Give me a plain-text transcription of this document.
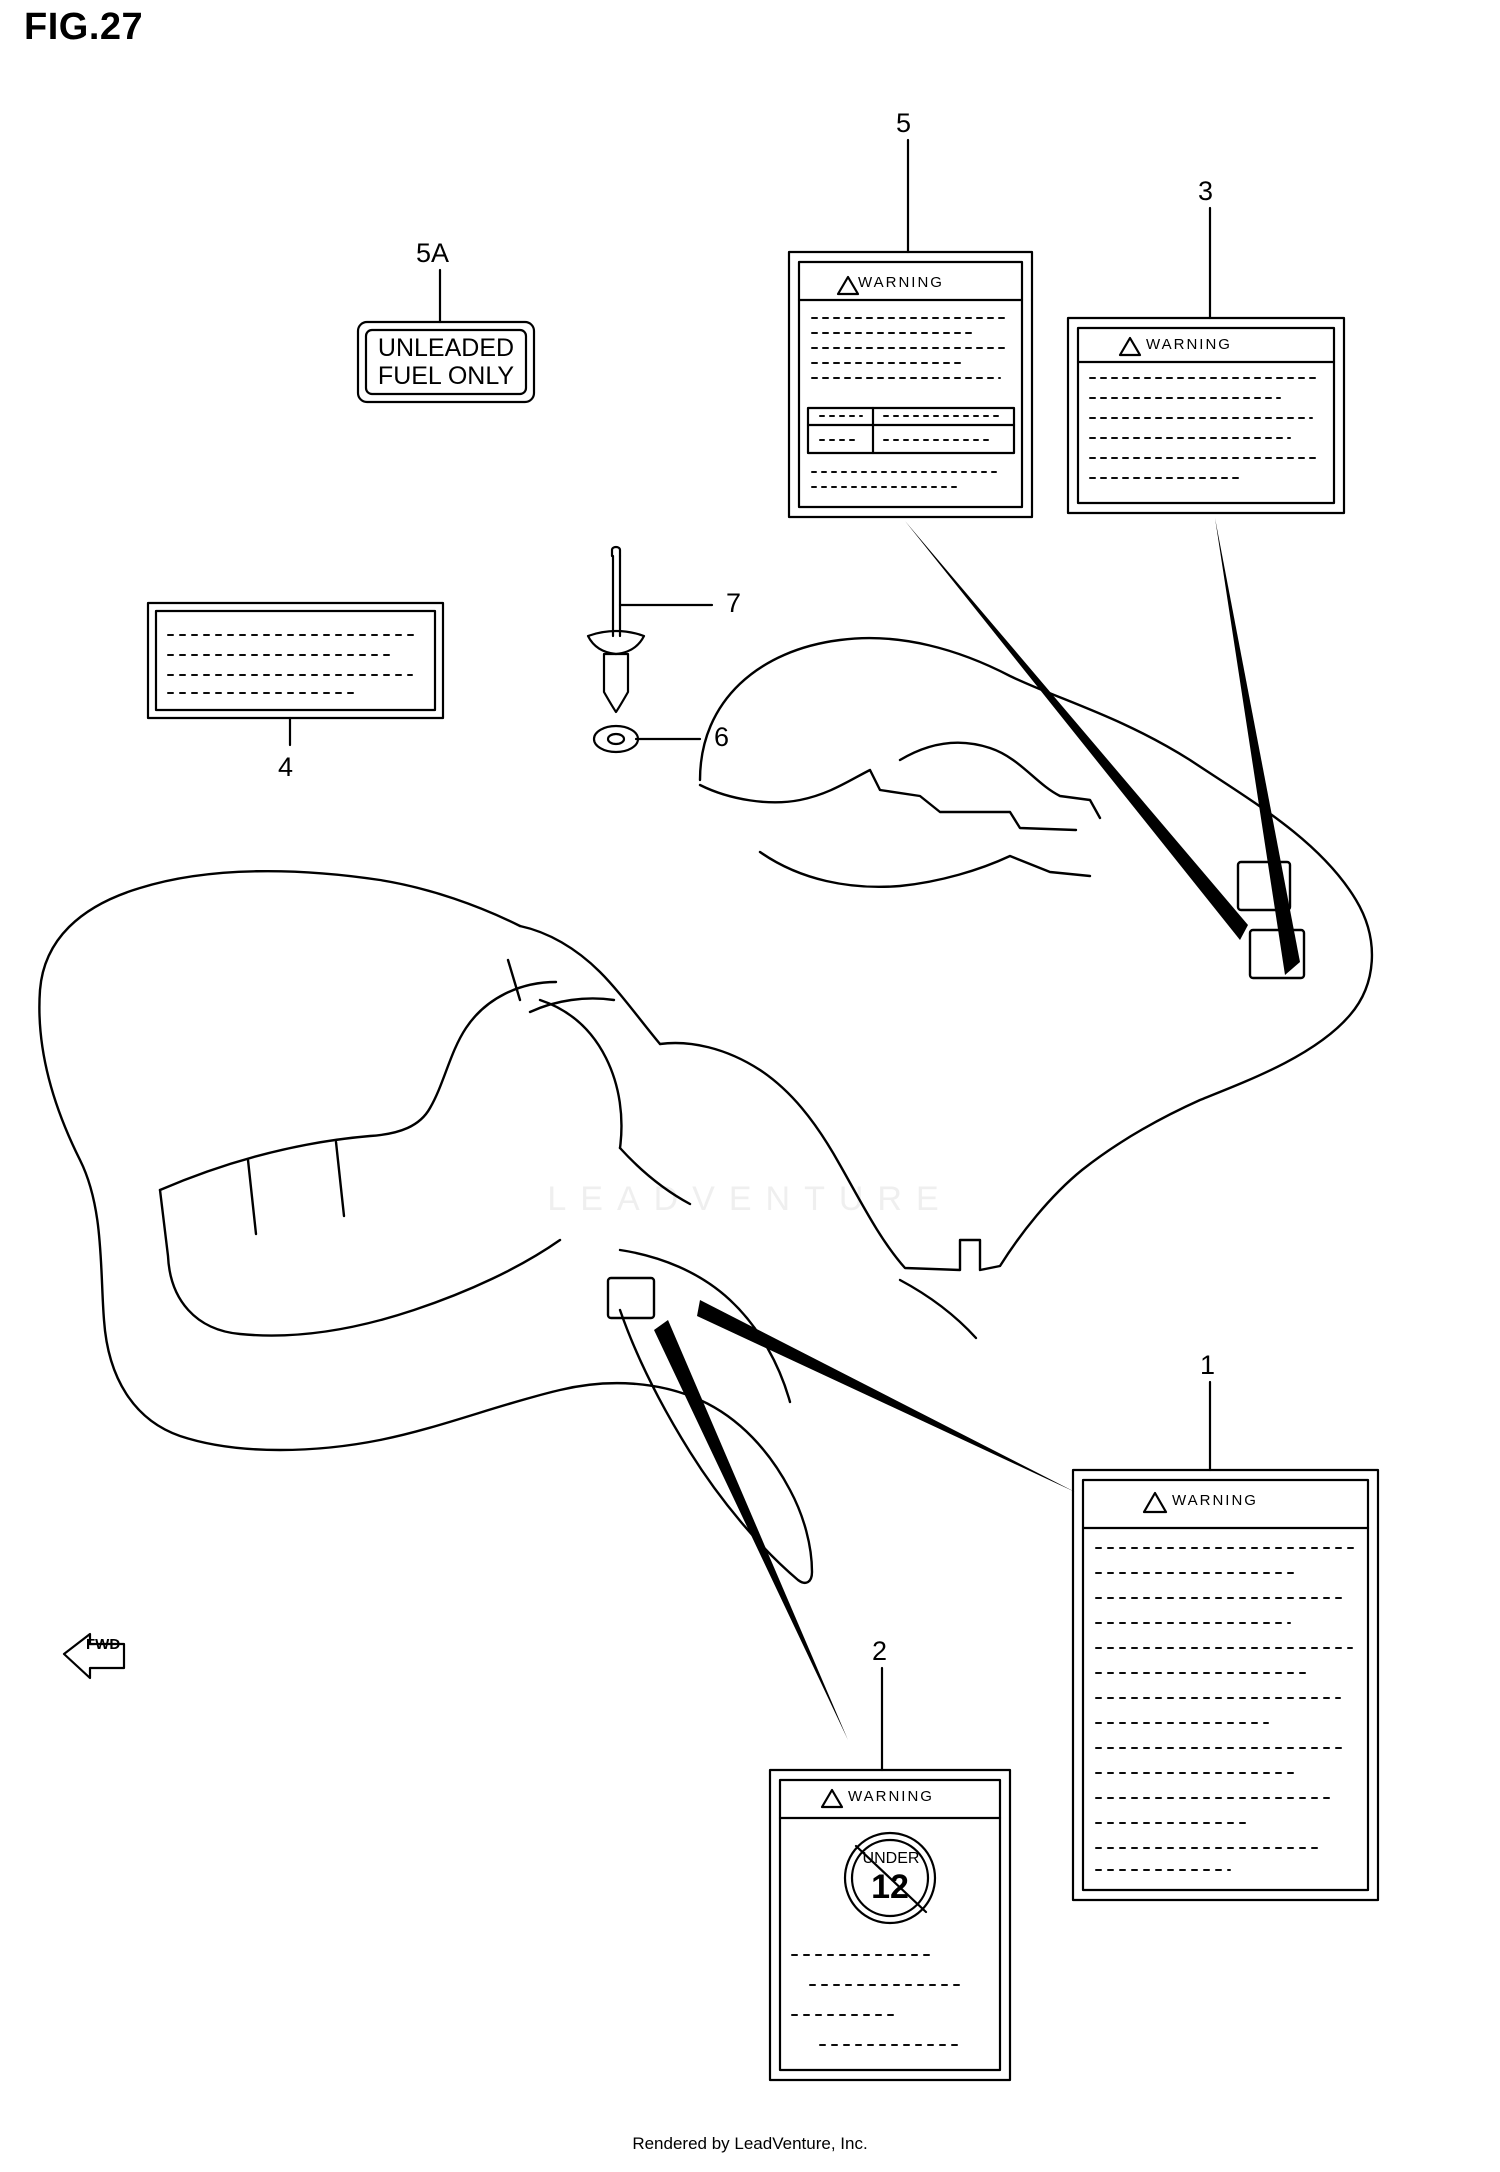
FIG.27
LEADVENTURE
5
3
5A
7
6
4
1
2
UNLEADED
FUEL ONLY
WARNING
WARNING
WARNING
WARNING
UNDER
12
FWD
Rendered by LeadVenture, Inc.
